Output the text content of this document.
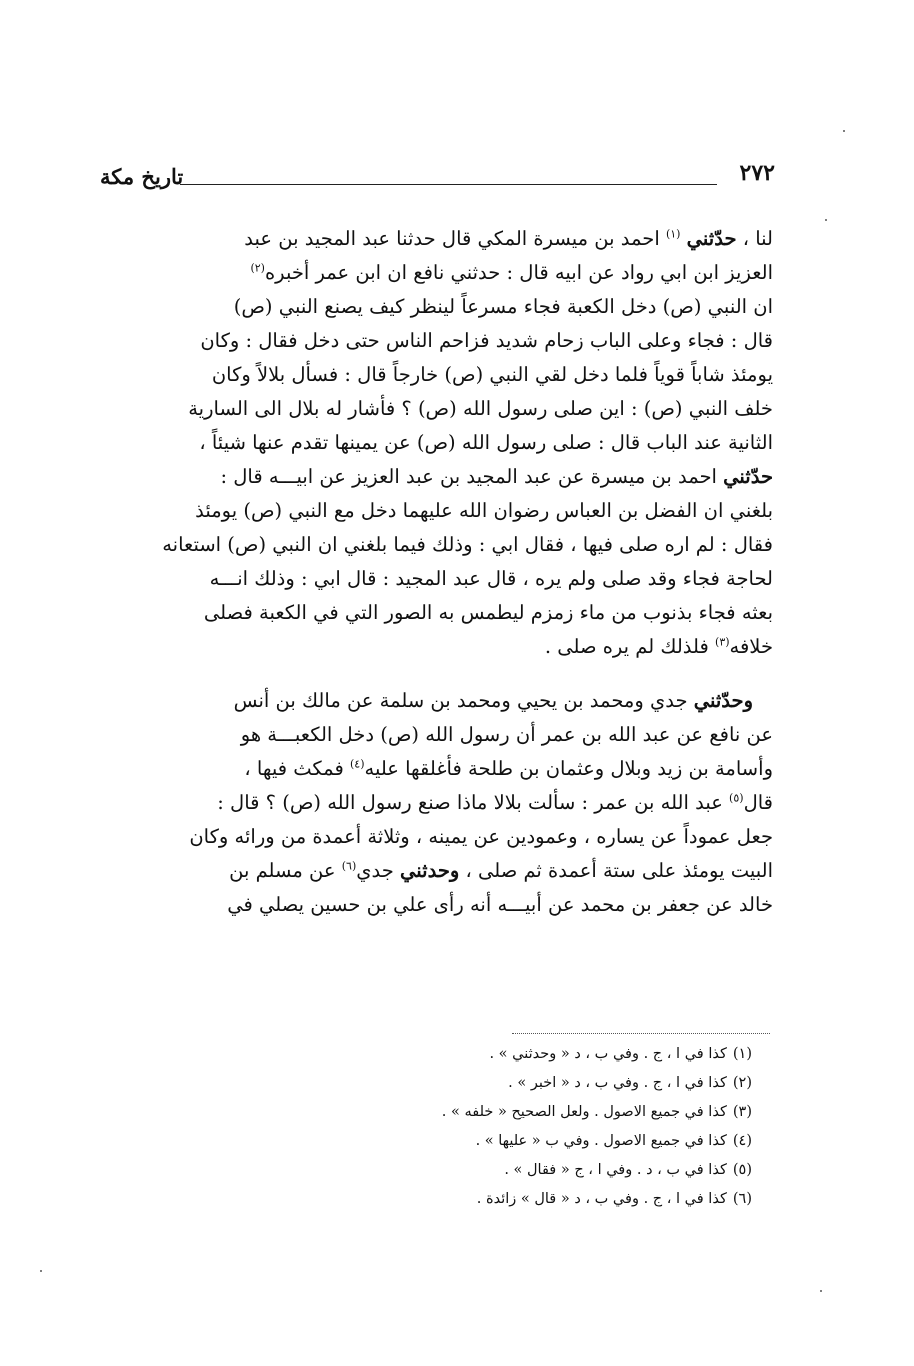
تاريخ مكة	٢٧٢
لنا ، حدّثني $^{(١)}$ احمد بن ميسرة المكي قال حدثنا عبد المجيد بن عبد
العزيز ابن ابي رواد عن ابيه قال : حدثني نافع ان ابن عمر أخبره$^{(٢)}$
ان النبي (ص) دخل الكعبة فجاء مسرعاً لينظر كيف يصنع النبي (ص)
قال : فجاء وعلى الباب زحام شديد فزاحم الناس حتى دخل فقال : وكان
يومئذ شاباً قوياً فلما دخل لقي النبي (ص) خارجاً قال : فسأل بلالاً وكان
خلف النبي (ص) : اين صلى رسول الله (ص) ؟ فأشار له بلال الى السارية
الثانية عند الباب قال : صلى رسول الله (ص) عن يمينها تقدم عنها شيئاً ،
حدّثني احمد بن ميسرة عن عبد المجيد بن عبد العزيز عن ابيـــه قال :
بلغني ان الفضل بن العباس رضوان الله عليهما دخل مع النبي (ص) يومئذ
فقال : لم اره صلى فيها ، فقال ابي : وذلك فيما بلغني ان النبي (ص) استعانه
لحاجة فجاء وقد صلى ولم يره ، قال عبد المجيد : قال ابي : وذلك انـــه
بعثه فجاء بذنوب من ماء زمزم ليطمس به الصور التي في الكعبة فصلى
خلافه$^{(٣)}$ فلذلك لم يره صلى .
وحدّثني جدي ومحمد بن يحيي ومحمد بن سلمة عن مالك بن أنس
عن نافع عن عبد الله بن عمر أن رسول الله (ص) دخل الكعبـــة هو
وأسامة بن زيد وبلال وعثمان بن طلحة فأغلقها عليه$^{(٤)}$ فمكث فيها ،
قال$^{(٥)}$ عبد الله بن عمر : سألت بلالا ماذا صنع رسول الله (ص) ؟ قال :
جعل عموداً عن يساره ، وعمودين عن يمينه ، وثلاثة أعمدة من ورائه وكان
البيت يومئذ على ستة أعمدة ثم صلى ، وحدثني جدي$^{(٦)}$ عن مسلم بن
خالد عن جعفر بن محمد عن أبيـــه أنه رأى علي بن حسين يصلي في
(١)كذا في ا ، ج . وفي ب ، د « وحدثني » .
(٢)كذا في ا ، ج . وفي ب ، د « اخبر » .
(٣)كذا في جميع الاصول . ولعل الصحيح « خلفه » .
(٤)كذا في جميع الاصول . وفي ب « عليها » .
(٥)كذا في ب ، د . وفي ا ، ج « فقال » .
(٦)كذا في ا ، ج . وفي ب ، د « قال » زائدة .
